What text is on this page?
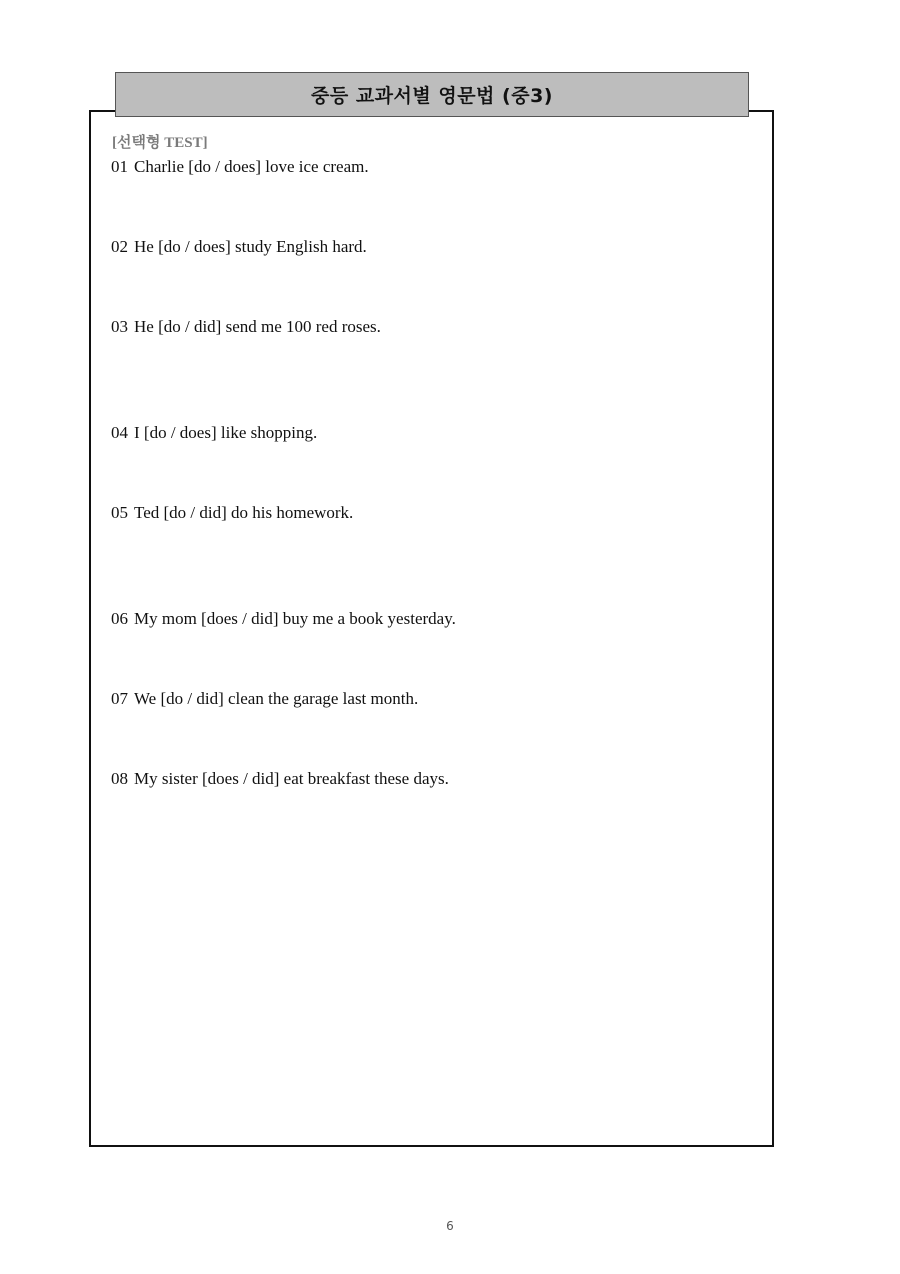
중등 교과서별 영문법 (중3)
[선택형 TEST]
01 Charlie [do / does] love ice cream.
02 He [do / does] study English hard.
03 He [do / did] send me 100 red roses.
04 I [do / does] like shopping.
05 Ted [do / did] do his homework.
06 My mom [does / did] buy me a book yesterday.
07 We [do / did] clean the garage last month.
08 My sister [does / did] eat breakfast these days.
6
